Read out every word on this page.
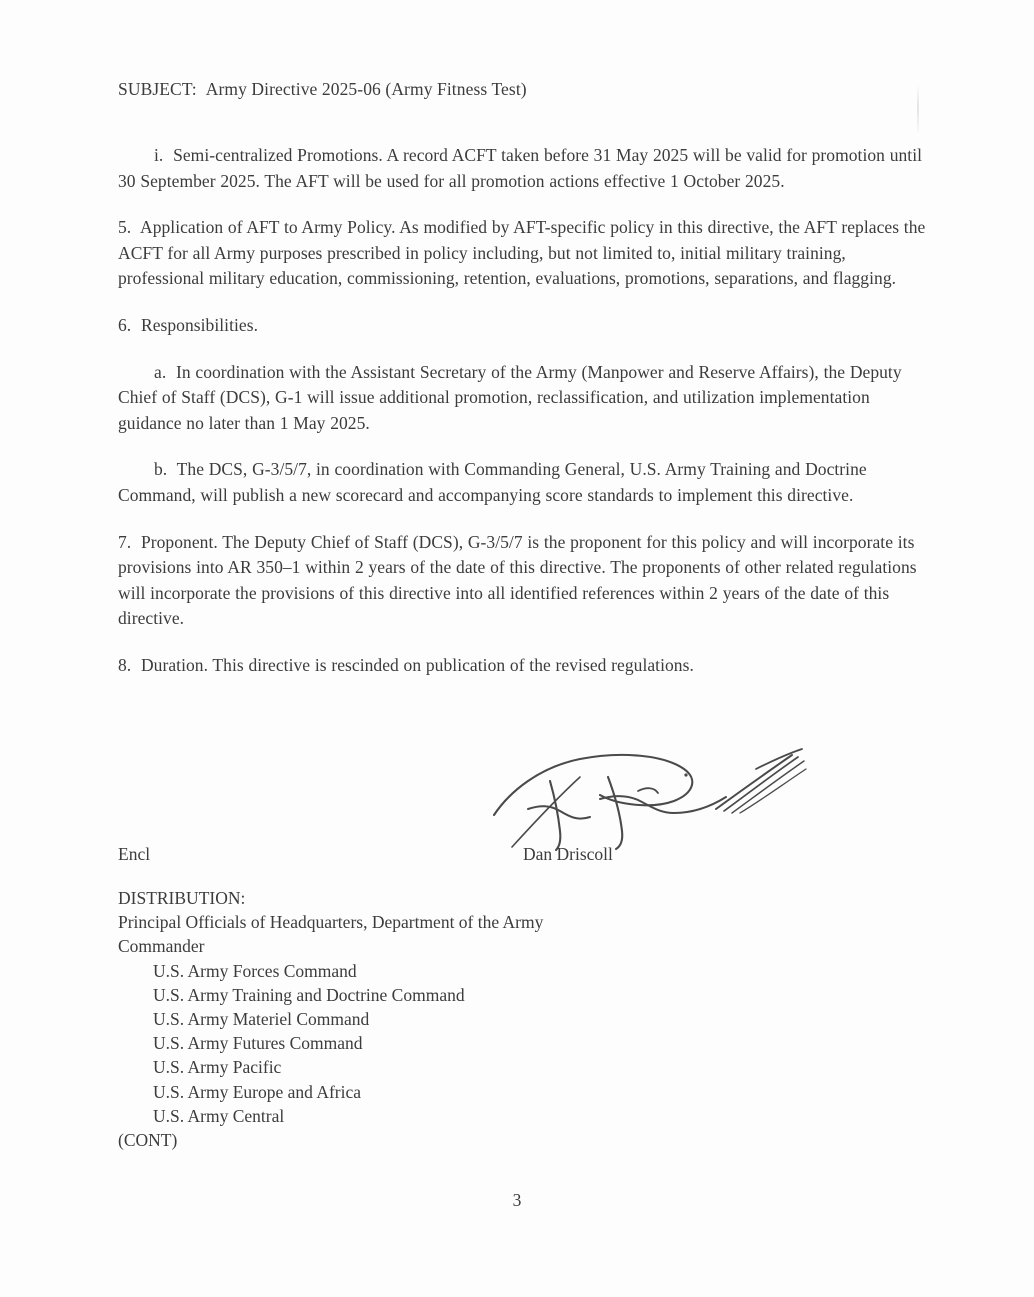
SUBJECT: Army Directive 2025-06 (Army Fitness Test)

i. Semi-centralized Promotions. A record ACFT taken before 31 May 2025 will be valid for promotion until 30 September 2025. The AFT will be used for all promotion actions effective 1 October 2025.

5. Application of AFT to Army Policy. As modified by AFT-specific policy in this directive, the AFT replaces the ACFT for all Army purposes prescribed in policy including, but not limited to, initial military training, professional military education, commissioning, retention, evaluations, promotions, separations, and flagging.

6. Responsibilities.

a. In coordination with the Assistant Secretary of the Army (Manpower and Reserve Affairs), the Deputy Chief of Staff (DCS), G-1 will issue additional promotion, reclassification, and utilization implementation guidance no later than 1 May 2025.

b. The DCS, G-3/5/7, in coordination with Commanding General, U.S. Army Training and Doctrine Command, will publish a new scorecard and accompanying score standards to implement this directive.

7. Proponent. The Deputy Chief of Staff (DCS), G-3/5/7 is the proponent for this policy and will incorporate its provisions into AR 350–1 within 2 years of the date of this directive. The proponents of other related regulations will incorporate the provisions of this directive into all identified references within 2 years of the date of this directive.

8. Duration. This directive is rescinded on publication of the revised regulations.

Encl	Dan Driscoll
DISTRIBUTION:
Principal Officials of Headquarters, Department of the Army
Commander
U.S. Army Forces Command
U.S. Army Training and Doctrine Command
U.S. Army Materiel Command
U.S. Army Futures Command
U.S. Army Pacific
U.S. Army Europe and Africa
U.S. Army Central
(CONT)
3
